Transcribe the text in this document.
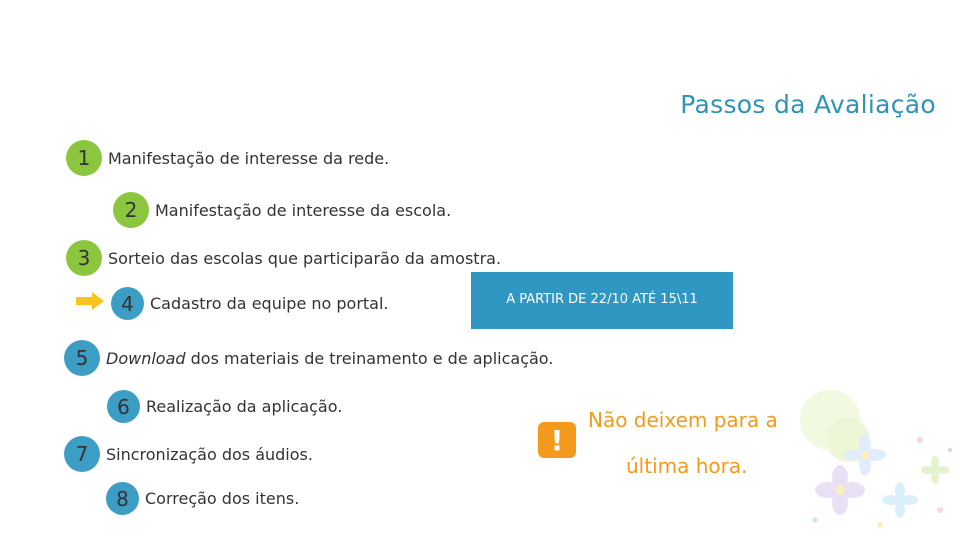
Passos da Avaliação
1	Manifestação de interesse da rede.
2	Manifestação de interesse da escola.
3	Sorteio das escolas que participarão da amostra.
4	Cadastro da equipe no portal.	A PARTIR DE 22/10 ATÉ 15\11
5	Download dos materiais de treinamento e de aplicação.
6	Realização da aplicação.
7	Sincronização dos áudios.
8	Correção dos itens.
!
Não deixem para a
última hora.
